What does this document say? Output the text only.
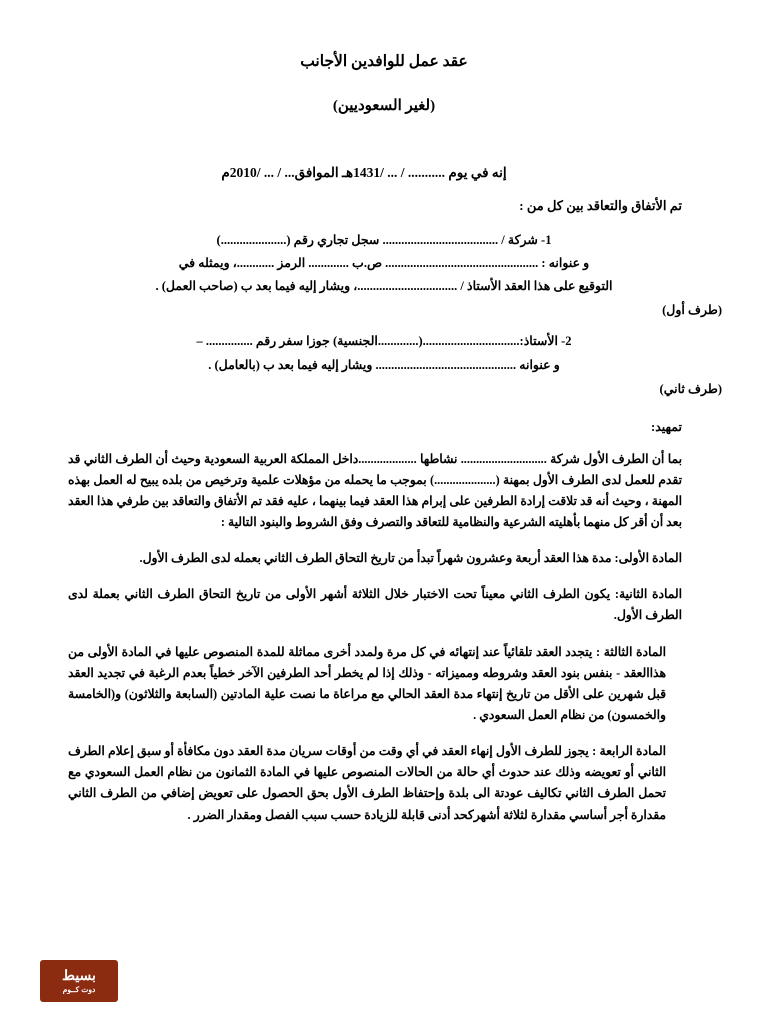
عقد عمل للوافدين الأجانب
(لغير السعوديين)
إنه في يوم ........... / ... /1431هـ الموافق... / ... /2010م
تم الأتفاق والتعاقد بين كل من :
1- شركة / ..................................... سجل تجاري رقم (.....................)
و عنوانه : ................................................. ص.ب ............. الرمز ............، ويمثله في
التوقيع على هذا العقد الأستاذ / ................................، ويشار إليه فيما بعد ب (صاحب العمل) .
(طرف أول)
2- الأستاذ:...............................(.............الجنسية) جوزا سفر رقم ............... –
و عنوانه ............................................. ويشار إليه فيما بعد ب (بالعامل) .
(طرف ثاني)
تمهيد:
بما أن الطرف الأول شركة ............................ نشاطها ...................داخل المملكة العربية السعودية وحيث أن الطرف الثاني قد تقدم للعمل لدى الطرف الأول بمهنة (....................) بموجب ما يحمله من مؤهلات علمية وترخيص من بلده يبيح له العمل بهذه المهنة ، وحيث أنه قد تلاقت إرادة الطرفين على إبرام هذا العقد فيما بينهما ، عليه فقد تم الأتفاق والتعاقد بين طرفي هذا العقد بعد أن أقر كل منهما بأهليته الشرعية والنظامية للتعاقد والتصرف وفق الشروط والبنود التالية :
المادة الأولى: مدة هذا العقد أربعة وعشرون شهراً تبدأ من تاريخ التحاق الطرف الثاني بعمله لدى الطرف الأول.
المادة الثانية: يكون الطرف الثاني معيناً تحت الاختبار خلال الثلاثة أشهر الأولى من تاريخ التحاق الطرف الثاني بعملة لدى الطرف الأول.
المادة الثالثة : يتجدد العقد تلقائياً عند إنتهائه في كل مرة ولمدد أخرى مماثلة للمدة المنصوص عليها في المادة الأولى من هذاالعقد - بنفس بنود العقد وشروطه ومميزاته - وذلك إذا لم يخطر أحد الطرفين الآخر خطياً بعدم الرغبة في تجديد العقد قبل شهرين على الأقل من تاريخ إنتهاء مدة العقد الحالي مع مراعاة ما نصت علية المادتين (السابعة والثلاثون) و(الخامسة والخمسون) من نظام العمل السعودي .
المادة الرابعة : يجوز للطرف الأول إنهاء العقد في أي وقت من أوقات سريان مدة العقد دون مكافأة أو سبق إعلام الطرف الثاني أو تعويضه وذلك عند حدوث أي حالة من الحالات المنصوص عليها في المادة الثمانون من نظام العمل السعودي مع تحمل الطرف الثاني تكاليف عودتة الى بلدة وإحتفاظ الطرف الأول بحق الحصول على تعويض إضافي من الطرف الثاني مقدارة أجر أساسي مقدارة لثلاثة أشهركحد أدنى قابلة للزيادة حسب سبب الفصل ومقدار الضرر .
بسيط
دوت كــوم
